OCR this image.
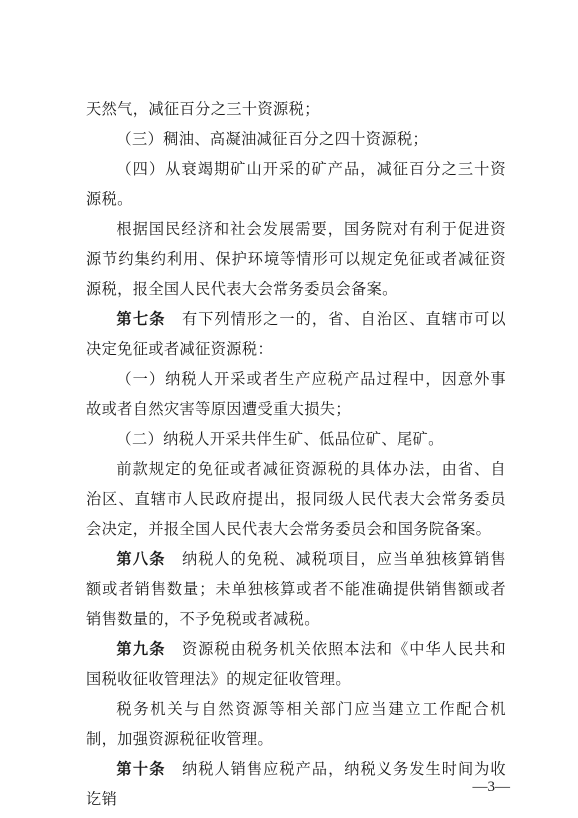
天然气，减征百分之三十资源税；

（三）稠油、高凝油减征百分之四十资源税；

（四）从衰竭期矿山开采的矿产品，减征百分之三十资源税。

根据国民经济和社会发展需要，国务院对有利于促进资源节约集约利用、保护环境等情形可以规定免征或者减征资源税，报全国人民代表大会常务委员会备案。

第七条　 有下列情形之一的，省、自治区、直辖市可以决定免征或者减征资源税：

（一）纳税人开采或者生产应税产品过程中，因意外事故或者自然灾害等原因遭受重大损失；

（二）纳税人开采共伴生矿、低品位矿、尾矿。

前款规定的免征或者减征资源税的具体办法，由省、自治区、直辖市人民政府提出，报同级人民代表大会常务委员会决定，并报全国人民代表大会常务委员会和国务院备案。

第八条　 纳税人的免税、减税项目，应当单独核算销售额或者销售数量；未单独核算或者不能准确提供销售额或者销售数量的，不予免税或者减税。

第九条　 资源税由税务机关依照本法和《中华人民共和国税收征收管理法》的规定征收管理。

税务机关与自然资源等相关部门应当建立工作配合机制，加强资源税征收管理。

第十条　 纳税人销售应税产品，纳税义务发生时间为收讫销

—3—
